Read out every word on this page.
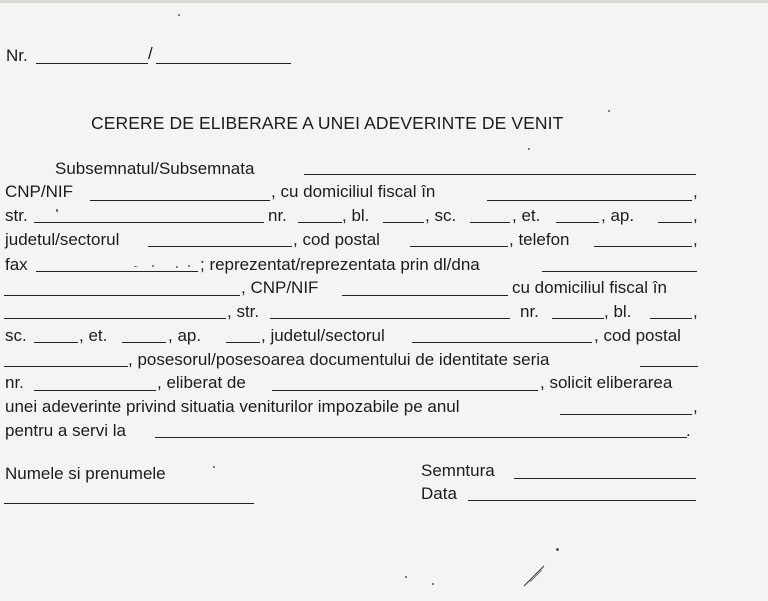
Nr.	/
CERERE DE ELIBERARE A UNEI ADEVERINTE DE VENIT
Subsemnatul/Subsemnata
CNP/NIF	, cu domiciliul fiscal în	,
str.	nr.	, bl.	, sc.	, et.	, ap.	,
judetul/sectorul	, cod postal	, telefon	,
fax	; reprezentat/reprezentata prin dl/dna
, CNP/NIF	cu domiciliul fiscal în
, str.	nr.	, bl.	,
sc.	, et.	, ap.	, judetul/sectorul	, cod postal
, posesorul/posesoarea documentului de identitate seria
nr.	, eliberat de	, solicit eliberarea
unei adeverinte privind situatia veniturilor impozabile pe anul	,
pentru a servi la	.
Numele si prenumele	Semntura
Data
